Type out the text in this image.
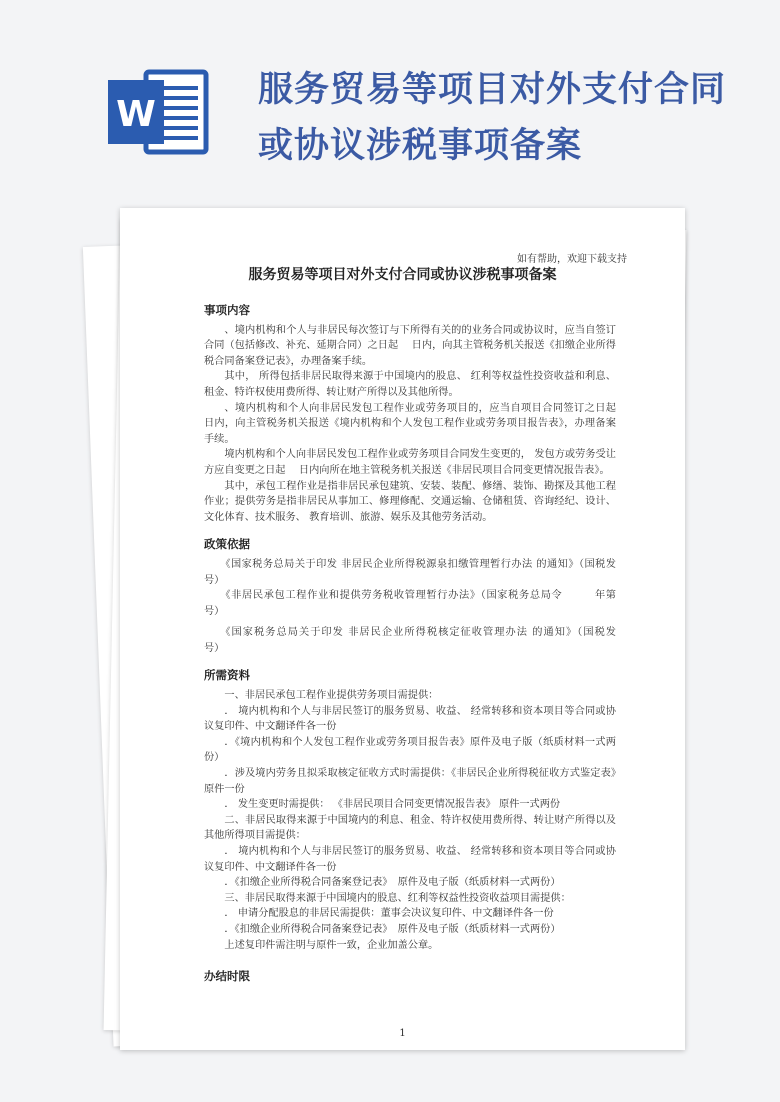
W
服务贸易等项目对外支付合同或协议涉税事项备案
如有帮助，欢迎下载支持
服务贸易等项目对外支付合同或协议涉税事项备案
事项内容

、境内机构和个人与非居民每次签订与下所得有关的的业务合同或协议时，应当自签订合同（包括修改、补充、延期合同）之日起　 日内，向其主管税务机关报送《扣缴企业所得税合同备案登记表》，办理备案手续。

其中， 所得包括非居民取得来源于中国境内的股息、 红利等权益性投资收益和利息、租金、特许权使用费所得、转让财产所得以及其他所得。

、境内机构和个人向非居民发包工程作业或劳务项目的，应当自项目合同签订之日起　日内，向主管税务机关报送《境内机构和个人发包工程作业或劳务项目报告表》，办理备案手续。

境内机构和个人向非居民发包工程作业或劳务项目合同发生变更的， 发包方或劳务受让方应自变更之日起　 日内向所在地主管税务机关报送《非居民项目合同变更情况报告表》。

其中，承包工程作业是指非居民承包建筑、安装、装配、修缮、装饰、勘探及其他工程作业；提供劳务是指非居民从事加工、修理修配、交通运输、仓储租赁、咨询经纪、设计、文化体育、技术服务、 教育培训、旅游、娱乐及其他劳务活动。

政策依据

《国家税务总局关于印发 非居民企业所得税源泉扣缴管理暂行办法 的通知》（国税发　　　号）

《非居民承包工程作业和提供劳务税收管理暂行办法》（国家税务总局令　　　年第　号）

《国家税务总局关于印发 非居民企业所得税核定征收管理办法 的通知》（国税发　　　号）

所需资料

一、非居民承包工程作业提供劳务项目需提供：

． 境内机构和个人与非居民签订的服务贸易、收益、 经常转移和资本项目等合同或协议复印件、中文翻译件各一份

．《境内机构和个人发包工程作业或劳务项目报告表》原件及电子版（纸质材料一式两份）

．涉及境内劳务且拟采取核定征收方式时需提供：《非居民企业所得税征收方式鉴定表》原件一份

． 发生变更时需提供： 《非居民项目合同变更情况报告表》 原件一式两份

二、非居民取得来源于中国境内的利息、租金、特许权使用费所得、转让财产所得以及其他所得项目需提供：

． 境内机构和个人与非居民签订的服务贸易、收益、 经常转移和资本项目等合同或协议复印件、中文翻译件各一份

．《扣缴企业所得税合同备案登记表》　原件及电子版（纸质材料一式两份）

三、非居民取得来源于中国境内的股息、红利等权益性投资收益项目需提供：

． 申请分配股息的非居民需提供：董事会决议复印件、中文翻译件各一份

．《扣缴企业所得税合同备案登记表》　原件及电子版（纸质材料一式两份）

上述复印件需注明与原件一致，企业加盖公章。

办结时限
1
